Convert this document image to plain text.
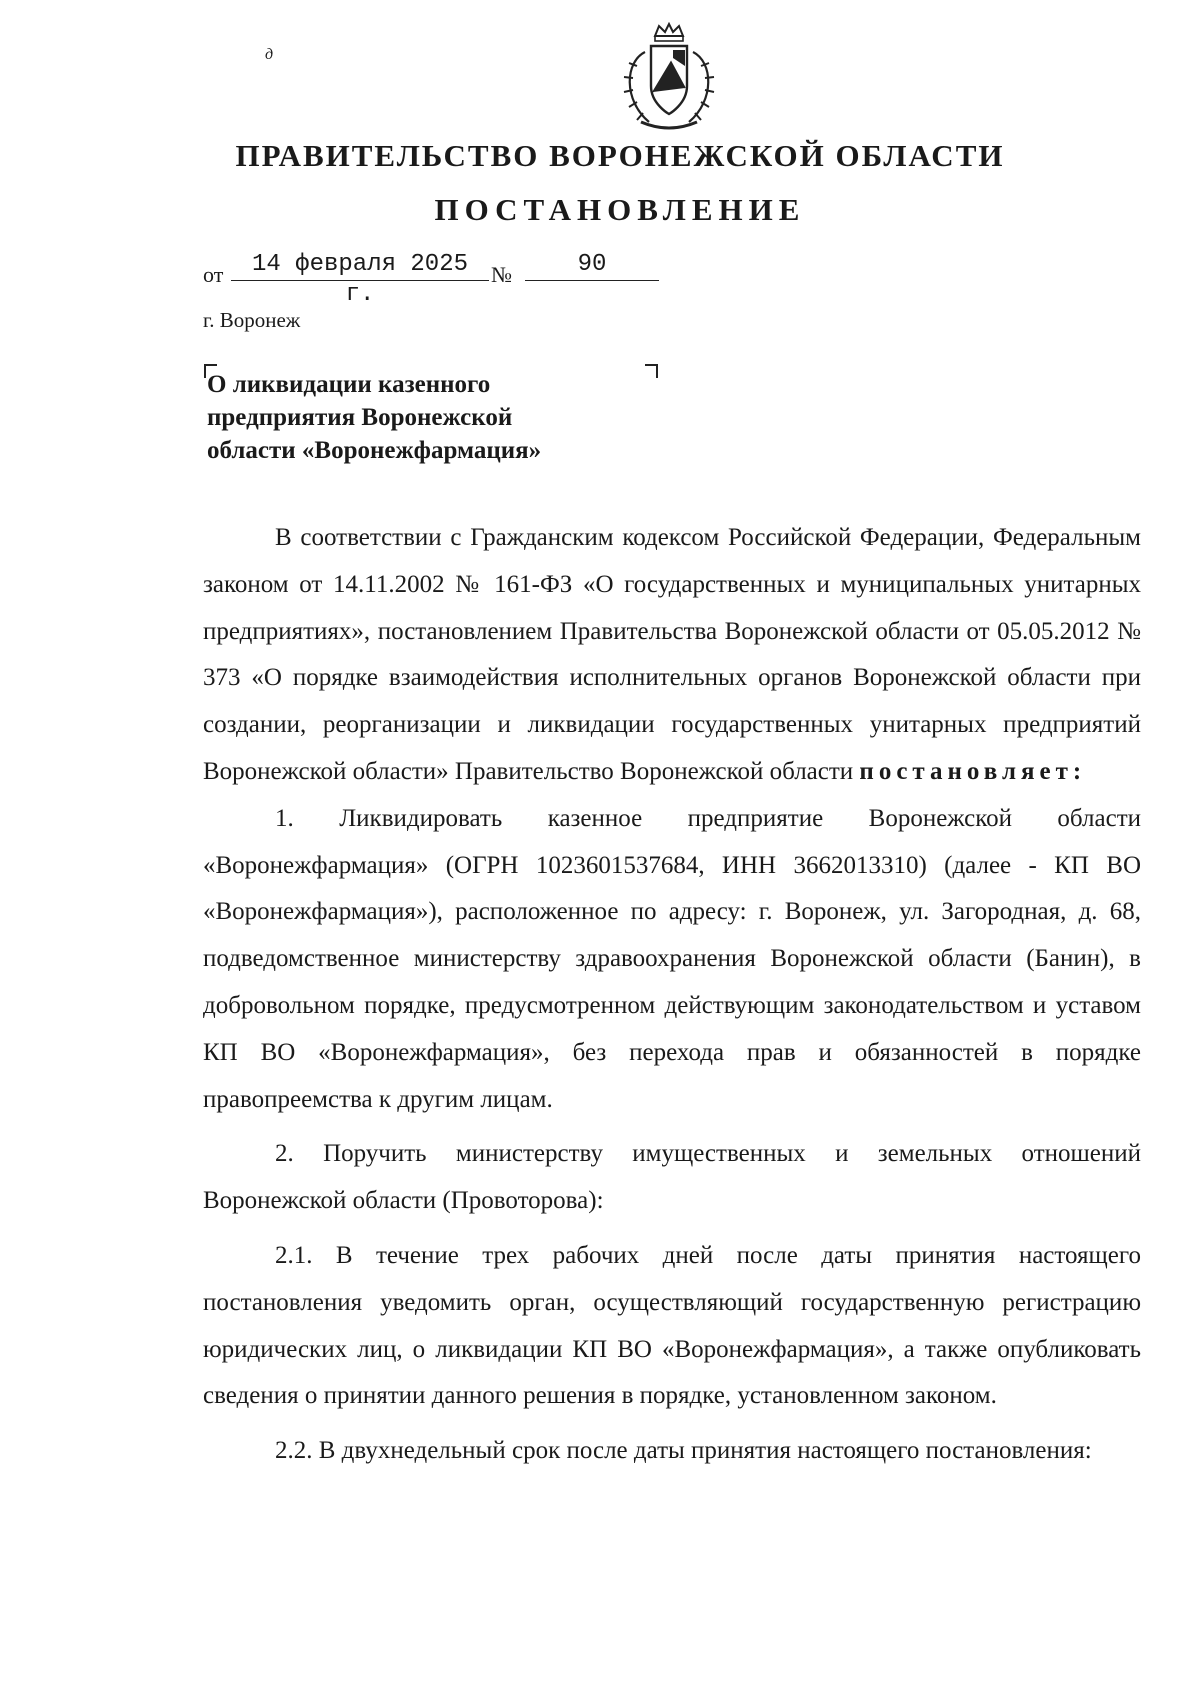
д
ПРАВИТЕЛЬСТВО ВОРОНЕЖСКОЙ ОБЛАСТИ
ПОСТАНОВЛЕНИЕ
от	14 февраля 2025 г.
№	90
г. Воронеж
О ликвидации казенного
предприятия Воронежской
области «Воронежфармация»

В соответствии с Гражданским кодексом Российской Федерации, Федеральным законом от 14.11.2002 № 161-ФЗ «О государственных и муниципальных унитарных предприятиях», постановлением Правительства Воронежской области от 05.05.2012 № 373 «О порядке взаимодействия исполнительных органов Воронежской области при создании, реорганизации и ликвидации государственных унитарных предприятий Воронежской области» Правительство Воронежской области постановляет:

1. Ликвидировать казенное предприятие Воронежской области «Воронежфармация» (ОГРН 1023601537684, ИНН 3662013310) (далее - КП ВО «Воронежфармация»), расположенное по адресу: г. Воронеж, ул. Загородная, д. 68, подведомственное министерству здравоохранения Воронежской области (Банин), в добровольном порядке, предусмотренном действующим законодательством и уставом КП ВО «Воронежфармация», без перехода прав и обязанностей в порядке правопреемства к другим лицам.

2. Поручить министерству имущественных и земельных отношений Воронежской области (Провоторова):

2.1. В течение трех рабочих дней после даты принятия настоящего постановления уведомить орган, осуществляющий государственную регистрацию юридических лиц, о ликвидации КП ВО «Воронежфармация», а также опубликовать сведения о принятии данного решения в порядке, установленном законом.

2.2. В двухнедельный срок после даты принятия настоящего постановления:
